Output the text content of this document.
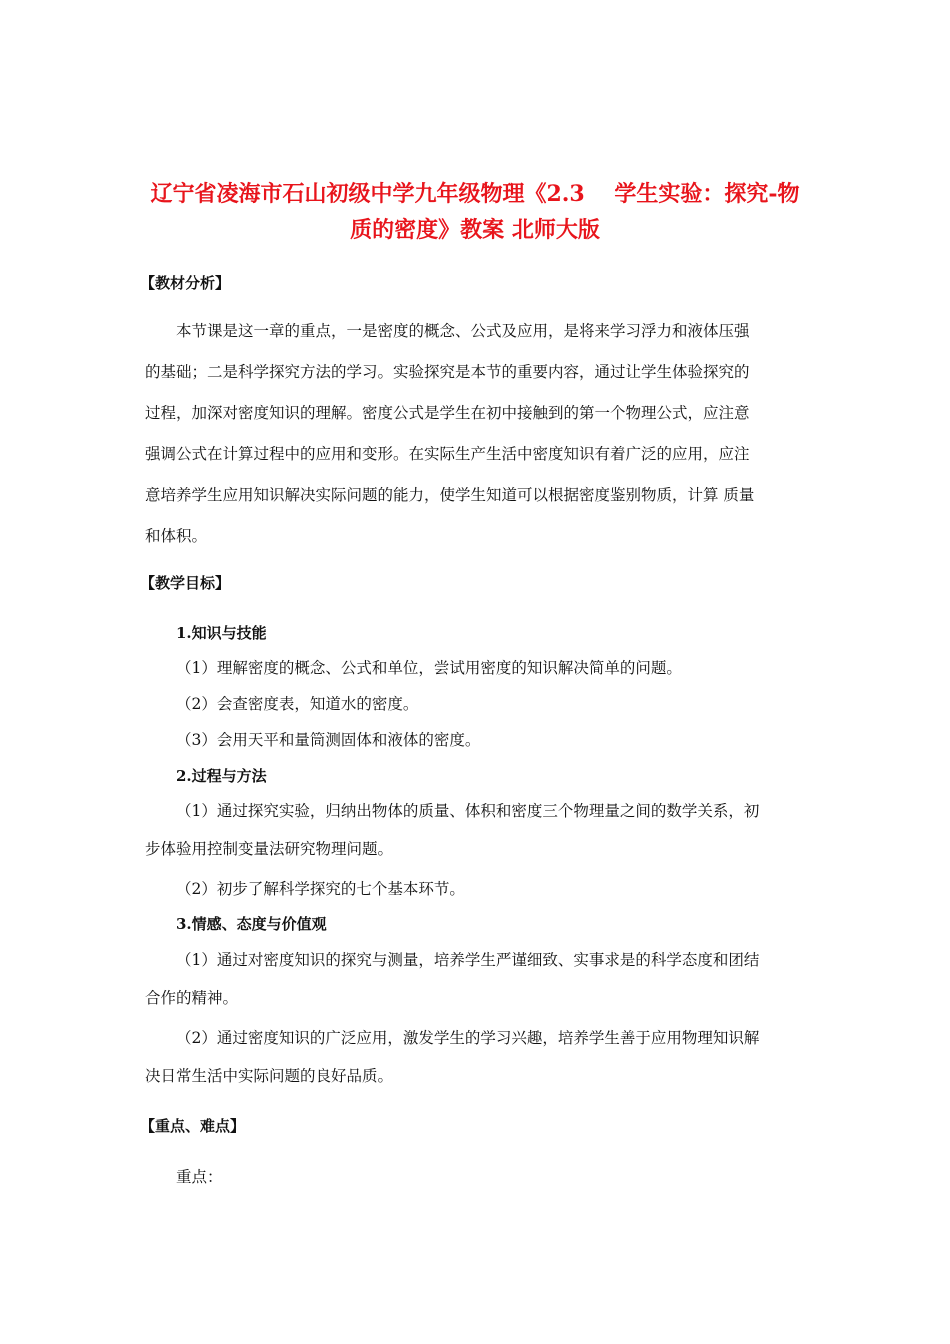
辽宁省凌海市石山初级中学九年级物理《2.3　 学生实验：探究-物
质的密度》教案 北师大版
【教材分析】
本节课是这一章的重点，一是密度的概念、公式及应用，是将来学习浮力和液体压强
的基础；二是科学探究方法的学习。实验探究是本节的重要内容，通过让学生体验探究的
过程，加深对密度知识的理解。密度公式是学生在初中接触到的第一个物理公式，应注意
强调公式在计算过程中的应用和变形。在实际生产生活中密度知识有着广泛的应用，应注
意培养学生应用知识解决实际问题的能力，使学生知道可以根据密度鉴别物质，计算 质量
和体积。
【教学目标】
1.知识与技能
（1）理解密度的概念、公式和单位，尝试用密度的知识解决简单的问题。
（2）会查密度表，知道水的密度。
（3）会用天平和量筒测固体和液体的密度。
2.过程与方法
（1）通过探究实验，归纳出物体的质量、体积和密度三个物理量之间的数学关系，初
步体验用控制变量法研究物理问题。
（2）初步了解科学探究的七个基本环节。
3.情感、态度与价值观
（1）通过对密度知识的探究与测量，培养学生严谨细致、实事求是的科学态度和团结
合作的精神。
（2）通过密度知识的广泛应用，激发学生的学习兴趣，培养学生善于应用物理知识解
决日常生活中实际问题的良好品质。
【重点、难点】
重点：
